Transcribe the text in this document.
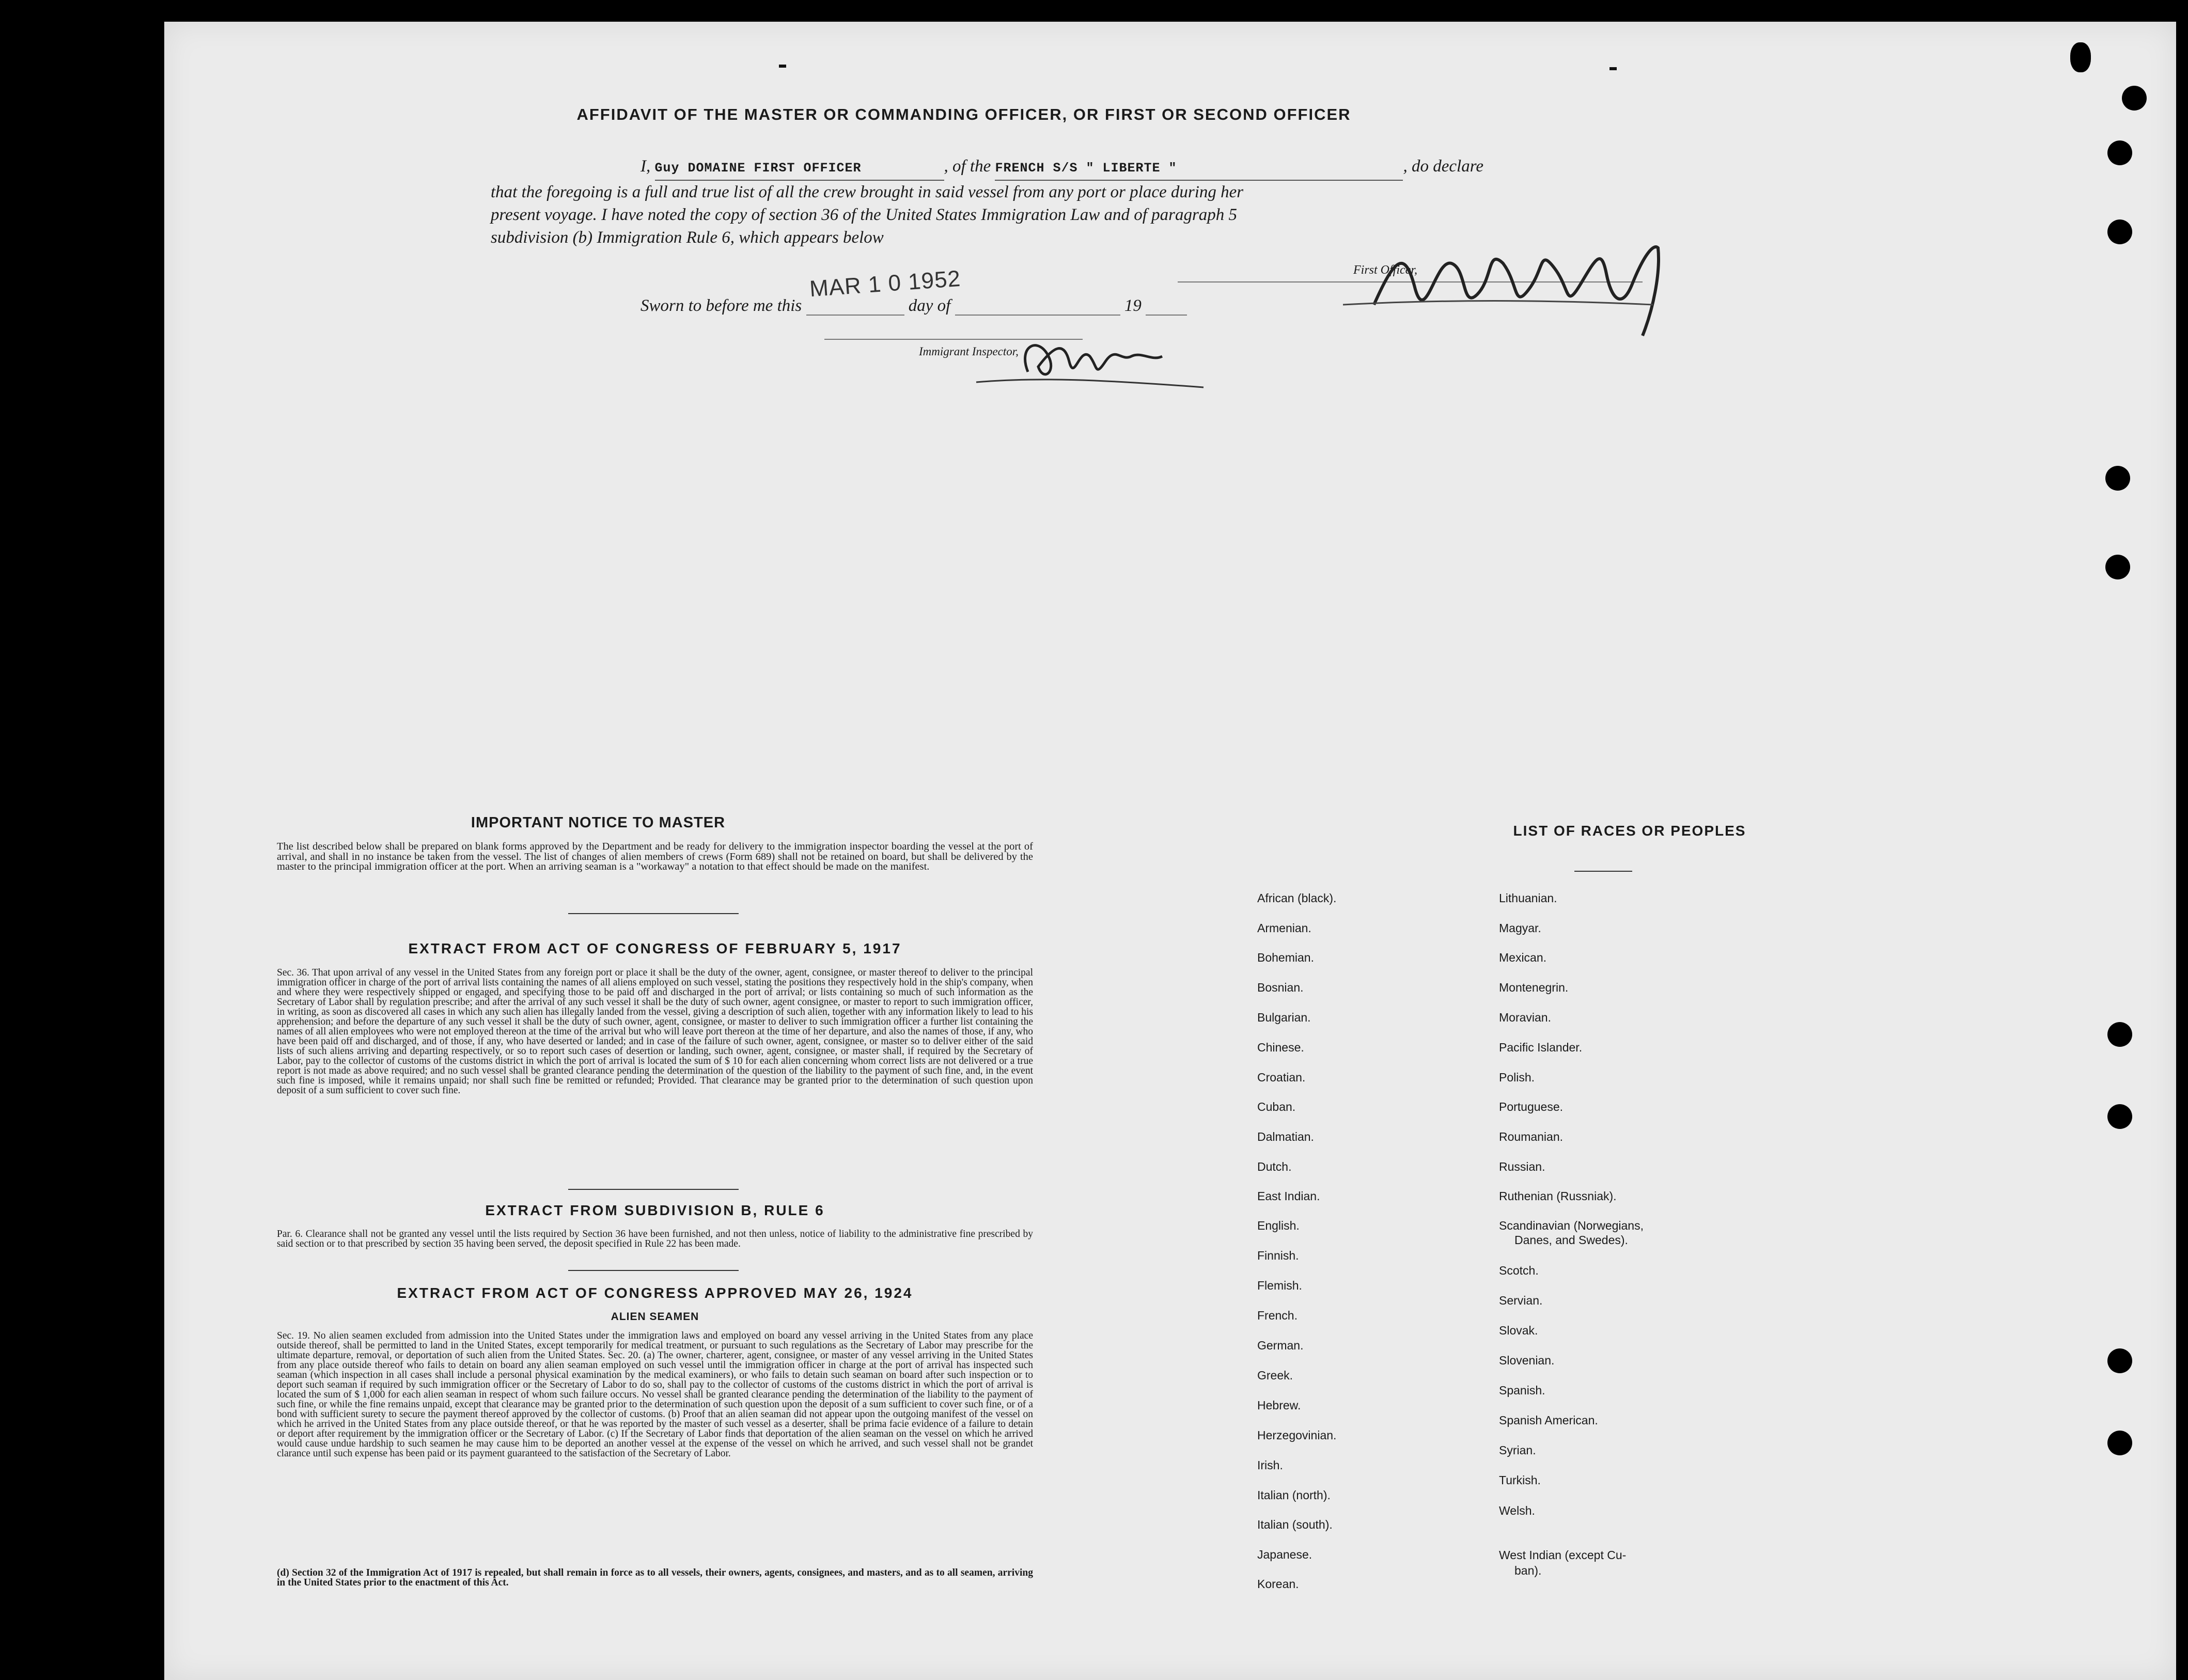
AFFIDAVIT OF THE MASTER OR COMMANDING OFFICER, OR FIRST OR SECOND OFFICER
I, Guy DOMAINE FIRST OFFICER	, of the FRENCH S/S " LIBERTE "	, do declare
that the foregoing is a full and true list of all the crew brought in said vessel from any port or place during her
present voyage. I have noted the copy of section 36 of the United States Immigration Law and of paragraph 5
subdivision (b) Immigration Rule 6, which appears below
First Officer,
MAR 1 0 1952
Sworn to before me this	day of	19
Immigrant Inspector,
IMPORTANT NOTICE TO MASTER
The list described below shall be prepared on blank forms approved by the Department and be ready for delivery to the immigration inspector boarding the vessel at the port of arrival, and shall in no instance be taken from the vessel. The list of changes of alien members of crews (Form 689) shall not be retained on board, but shall be delivered by the master to the principal immigration officer at the port. When an arriving seaman is a "workaway" a notation to that effect should be made on the manifest.
EXTRACT FROM ACT OF CONGRESS OF FEBRUARY 5, 1917
Sec. 36. That upon arrival of any vessel in the United States from any foreign port or place it shall be the duty of the owner, agent, consignee, or master thereof to deliver to the principal immigration officer in charge of the port of arrival lists containing the names of all aliens employed on such vessel, stating the positions they respectively hold in the ship's company, when and where they were respectively shipped or engaged, and specifying those to be paid off and discharged in the port of arrival; or lists containing so much of such information as the Secretary of Labor shall by regulation prescribe; and after the arrival of any such vessel it shall be the duty of such owner, agent consignee, or master to report to such immigration officer, in writing, as soon as discovered all cases in which any such alien has illegally landed from the vessel, giving a description of such alien, together with any information likely to lead to his apprehension; and before the departure of any such vessel it shall be the duty of such owner, agent, consignee, or master to deliver to such immigration officer a further list containing the names of all alien employees who were not employed thereon at the time of the arrival but who will leave port thereon at the time of her departure, and also the names of those, if any, who have been paid off and discharged, and of those, if any, who have deserted or landed; and in case of the failure of such owner, agent, consignee, or master so to deliver either of the said lists of such aliens arriving and departing respectively, or so to report such cases of desertion or landing, such owner, agent, consignee, or master shall, if required by the Secretary of Labor, pay to the collector of customs of the customs district in which the port of arrival is located the sum of $ 10 for each alien concerning whom correct lists are not delivered or a true report is not made as above required; and no such vessel shall be granted clearance pending the determination of the question of the liability to the payment of such fine, and, in the event such fine is imposed, while it remains unpaid; nor shall such fine be remitted or refunded; Provided. That clearance may be granted prior to the determination of such question upon deposit of a sum sufficient to cover such fine.
EXTRACT FROM SUBDIVISION B, RULE 6
Par. 6. Clearance shall not be granted any vessel until the lists required by Section 36 have been furnished, and not then unless, notice of liability to the administrative fine prescribed by said section or to that prescribed by section 35 having been served, the deposit specified in Rule 22 has been made.
EXTRACT FROM ACT OF CONGRESS APPROVED MAY 26, 1924
ALIEN SEAMEN
Sec. 19. No alien seamen excluded from admission into the United States under the immigration laws and employed on board any vessel arriving in the United States from any place outside thereof, shall be permitted to land in the United States, except temporarily for medical treatment, or pursuant to such regulations as the Secretary of Labor may prescribe for the ultimate departure, removal, or deportation of such alien from the United States. Sec. 20. (a) The owner, charterer, agent, consignee, or master of any vessel arriving in the United States from any place outside thereof who fails to detain on board any alien seaman employed on such vessel until the immigration officer in charge at the port of arrival has inspected such seaman (which inspection in all cases shall include a personal physical examination by the medical examiners), or who fails to detain such seaman on board after such inspection or to deport such seaman if required by such immigration officer or the Secretary of Labor to do so, shall pay to the collector of customs of the customs district in which the port of arrival is located the sum of $ 1,000 for each alien seaman in respect of whom such failure occurs. No vessel shall be granted clearance pending the determination of the liability to the payment of such fine, or while the fine remains unpaid, except that clearance may be granted prior to the determination of such question upon the deposit of a sum sufficient to cover such fine, or of a bond with sufficient surety to secure the payment thereof approved by the collector of customs. (b) Proof that an alien seaman did not appear upon the outgoing manifest of the vessel on which he arrived in the United States from any place outside thereof, or that he was reported by the master of such vessel as a deserter, shall be prima facie evidence of a failure to detain or deport after requirement by the immigration officer or the Secretary of Labor. (c) If the Secretary of Labor finds that deportation of the alien seaman on the vessel on which he arrived would cause undue hardship to such seamen he may cause him to be deported an another vessel at the expense of the vessel on which he arrived, and such vessel shall not be grandet clarance until such expense has been paid or its payment guaranteed to the satisfaction of the Secretary of Labor.
(d) Section 32 of the Immigration Act of 1917 is repealed, but shall remain in force as to all vessels, their owners, agents, consignees, and masters, and as to all seamen, arriving in the United States prior to the enactment of this Act.
LIST OF RACES OR PEOPLES
African (black).
Armenian.
Bohemian.
Bosnian.
Bulgarian.
Chinese.
Croatian.
Cuban.
Dalmatian.
Dutch.
East Indian.
English.
Finnish.
Flemish.
French.
German.
Greek.
Hebrew.
Herzegovinian.
Irish.
Italian (north).
Italian (south).
Japanese.
Korean.
Lithuanian.
Magyar.
Mexican.
Montenegrin.
Moravian.
Pacific Islander.
Polish.
Portuguese.
Roumanian.
Russian.
Ruthenian (Russniak).
Scandinavian (Norwegians,
Danes, and Swedes).
Scotch.
Servian.
Slovak.
Slovenian.
Spanish.
Spanish American.
Syrian.
Turkish.
Welsh.
West Indian (except Cu-
ban).
